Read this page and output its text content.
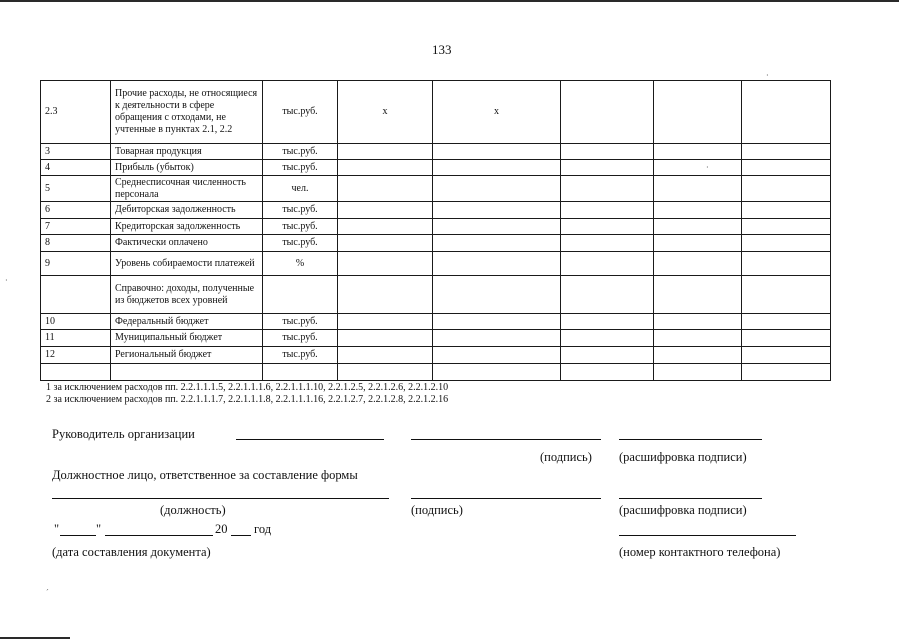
133
2.3	Прочие расходы, не относящиеся к деятельности в сфере обращения с отходами, не учтенные в пунктах 2.1, 2.2	тыс.руб.	x	x			
3	Товарная продукция	тыс.руб.					
4	Прибыль (убыток)	тыс.руб.					
5	Среднесписочная численность персонала	чел.					
6	Дебиторская задолженность	тыс.руб.					
7	Кредиторская задолженность	тыс.руб.					
8	Фактически оплачено	тыс.руб.					
9	Уровень собираемости платежей	%					
	Справочно: доходы, полученные из бюджетов всех уровней						
10	Федеральный бюджет	тыс.руб.					
11	Муниципальный бюджет	тыс.руб.					
12	Региональный бюджет	тыс.руб.					

1 за исключением расходов пп. 2.2.1.1.1.5, 2.2.1.1.1.6, 2.2.1.1.1.10, 2.2.1.2.5, 2.2.1.2.6, 2.2.1.2.10
2 за исключением расходов пп. 2.2.1.1.1.7, 2.2.1.1.1.8, 2.2.1.1.1.16, 2.2.1.2.7, 2.2.1.2.8, 2.2.1.2.16
Руководитель организации
(подпись) (расшифровка подписи)
Должностное лицо, ответственное за составление формы
(должность)	(подпись)	(расшифровка подписи)
"	"	20 год
(дата составления документа)	(номер контактного телефона)
·
·
·
´
